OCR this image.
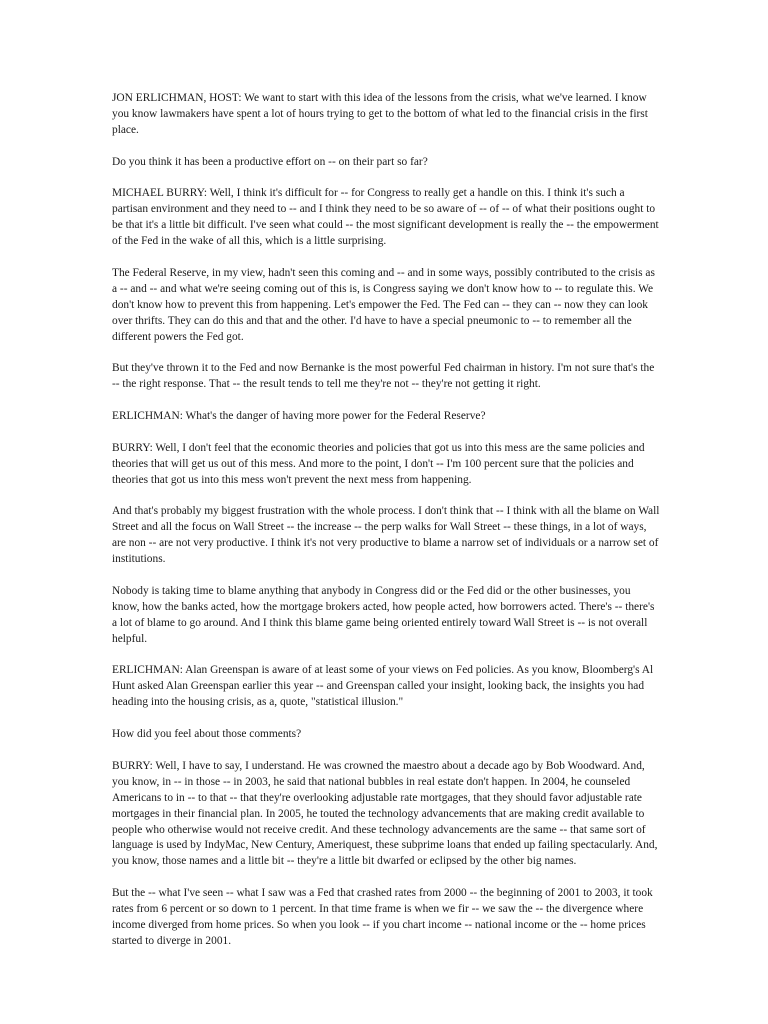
JON ERLICHMAN, HOST: We want to start with this idea of the lessons from the crisis, what we've learned. I know you know lawmakers have spent a lot of hours trying to get to the bottom of what led to the financial crisis in the first place.

Do you think it has been a productive effort on -- on their part so far?

MICHAEL BURRY: Well, I think it's difficult for -- for Congress to really get a handle on this. I think it's such a partisan environment and they need to -- and I think they need to be so aware of -- of -- of what their positions ought to be that it's a little bit difficult. I've seen what could -- the most significant development is really the -- the empowerment of the Fed in the wake of all this, which is a little surprising.

The Federal Reserve, in my view, hadn't seen this coming and -- and in some ways, possibly contributed to the crisis as a -- and -- and what we're seeing coming out of this is, is Congress saying we don't know how to -- to regulate this. We don't know how to prevent this from happening. Let's empower the Fed. The Fed can -- they can -- now they can look over thrifts. They can do this and that and the other. I'd have to have a special pneumonic to -- to remember all the different powers the Fed got.

But they've thrown it to the Fed and now Bernanke is the most powerful Fed chairman in history. I'm not sure that's the -- the right response. That -- the result tends to tell me they're not -- they're not getting it right.

ERLICHMAN: What's the danger of having more power for the Federal Reserve?

BURRY: Well, I don't feel that the economic theories and policies that got us into this mess are the same policies and theories that will get us out of this mess. And more to the point, I don't -- I'm 100 percent sure that the policies and theories that got us into this mess won't prevent the next mess from happening.

And that's probably my biggest frustration with the whole process. I don't think that -- I think with all the blame on Wall Street and all the focus on Wall Street -- the increase -- the perp walks for Wall Street -- these things, in a lot of ways, are non -- are not very productive. I think it's not very productive to blame a narrow set of individuals or a narrow set of institutions.

Nobody is taking time to blame anything that anybody in Congress did or the Fed did or the other businesses, you know, how the banks acted, how the mortgage brokers acted, how people acted, how borrowers acted. There's -- there's a lot of blame to go around. And I think this blame game being oriented entirely toward Wall Street is -- is not overall helpful.

ERLICHMAN: Alan Greenspan is aware of at least some of your views on Fed policies. As you know, Bloomberg's Al Hunt asked Alan Greenspan earlier this year -- and Greenspan called your insight, looking back, the insights you had heading into the housing crisis, as a, quote, "statistical illusion."

How did you feel about those comments?

BURRY: Well, I have to say, I understand. He was crowned the maestro about a decade ago by Bob Woodward. And, you know, in -- in those -- in 2003, he said that national bubbles in real estate don't happen. In 2004, he counseled Americans to in -- to that -- that they're overlooking adjustable rate mortgages, that they should favor adjustable rate mortgages in their financial plan. In 2005, he touted the technology advancements that are making credit available to people who otherwise would not receive credit. And these technology advancements are the same -- that same sort of language is used by IndyMac, New Century, Ameriquest, these subprime loans that ended up failing spectacularly. And, you know, those names and a little bit -- they're a little bit dwarfed or eclipsed by the other big names.

But the -- what I've seen -- what I saw was a Fed that crashed rates from 2000 -- the beginning of 2001 to 2003, it took rates from 6 percent or so down to 1 percent. In that time frame is when we fir -- we saw the -- the divergence where income diverged from home prices. So when you look -- if you chart income -- national income or the -- home prices started to diverge in 2001.
